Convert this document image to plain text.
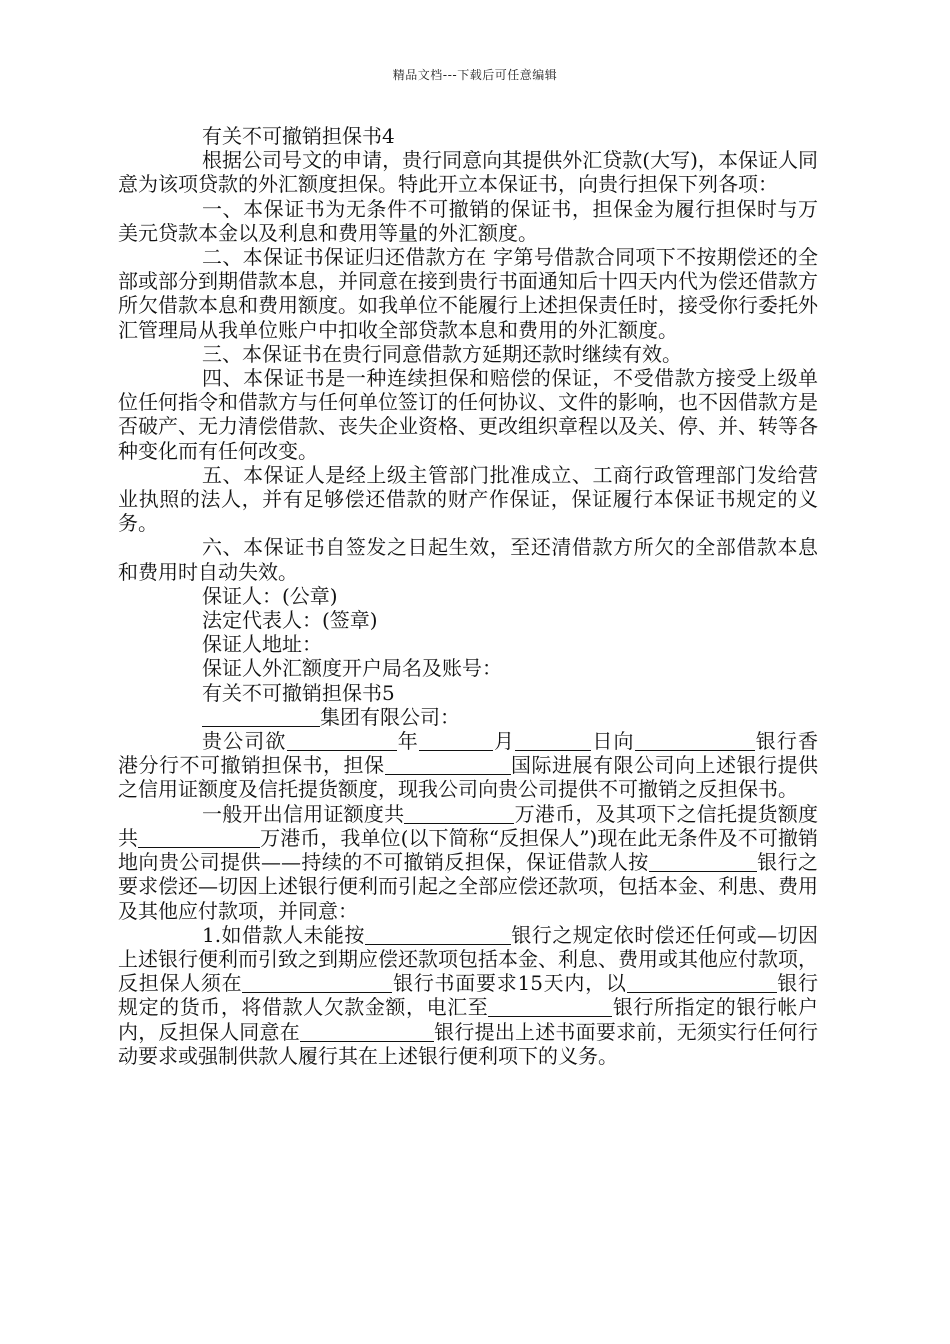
精品文档---下载后可任意编辑

有关不可撤销担保书4

根据公司号文的申请，贵行同意向其提供外汇贷款(大写)，本保证人同意为该项贷款的外汇额度担保。特此开立本保证书，向贵行担保下列各项：

一、本保证书为无条件不可撤销的保证书，担保金为履行担保时与万美元贷款本金以及利息和费用等量的外汇额度。

二、本保证书保证归还借款方在 字第号借款合同项下不按期偿还的全部或部分到期借款本息，并同意在接到贵行书面通知后十四天内代为偿还借款方所欠借款本息和费用额度。如我单位不能履行上述担保责任时，接受你行委托外汇管理局从我单位账户中扣收全部贷款本息和费用的外汇额度。

三、本保证书在贵行同意借款方延期还款时继续有效。

四、本保证书是一种连续担保和赔偿的保证，不受借款方接受上级单位任何指令和借款方与任何单位签订的任何协议、文件的影响，也不因借款方是否破产、无力清偿借款、丧失企业资格、更改组织章程以及关、停、并、转等各种变化而有任何改变。

五、本保证人是经上级主管部门批准成立、工商行政管理部门发给营业执照的法人，并有足够偿还借款的财产作保证，保证履行本保证书规定的义务。

六、本保证书自签发之日起生效，至还清借款方所欠的全部借款本息和费用时自动失效。

保证人：(公章)

法定代表人：(签章)

保证人地址：

保证人外汇额度开户局名及账号：

有关不可撤销担保书5

集团有限公司：

贵公司欲	年	月	日向	银行香港分行不可撤销担保书，担保	国际进展有限公司向上述银行提供之信用证额度及信托提货额度，现我公司向贵公司提供不可撤销之反担保书。

一般开出信用证额度共	万港币，及其项下之信托提货额度共	万港币，我单位(以下简称“反担保人”)现在此无条件及不可撤销地向贵公司提供——持续的不可撤销反担保，保证借款人按	银行之要求偿还—切因上述银行便利而引起之全部应偿还款项，包括本金、利患、费用及其他应付款项，并同意：

1.如借款人未能按	银行之规定依时偿还任何或—切因上述银行便利而引致之到期应偿还款项包括本金、利息、费用或其他应付款项，反担保人须在	银行书面要求15天内，以	银行规定的货币，将借款人欠款金额，电汇至	银行所指定的银行帐户内，反担保人同意在	银行提出上述书面要求前，无须实行任何行动要求或强制供款人履行其在上述银行便利项下的义务。
